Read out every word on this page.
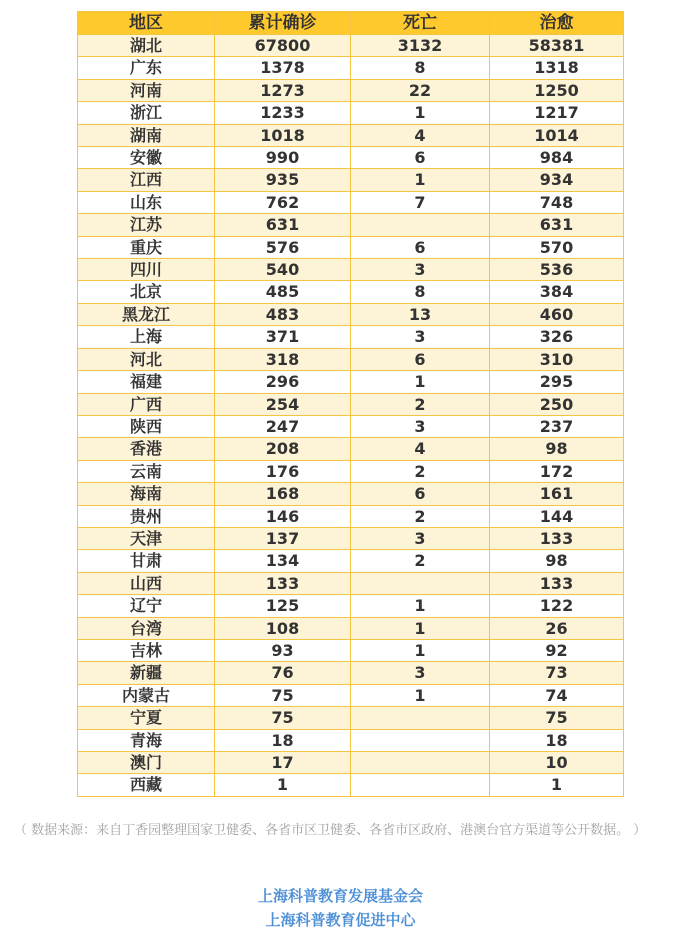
地区	累计确诊	死亡	治愈
湖北	67800	3132	58381
广东	1378	8	1318
河南	1273	22	1250
浙江	1233	1	1217
湖南	1018	4	1014
安徽	990	6	984
江西	935	1	934
山东	762	7	748
江苏	631		631
重庆	576	6	570
四川	540	3	536
北京	485	8	384
黑龙江	483	13	460
上海	371	3	326
河北	318	6	310
福建	296	1	295
广西	254	2	250
陕西	247	3	237
香港	208	4	98
云南	176	2	172
海南	168	6	161
贵州	146	2	144
天津	137	3	133
甘肃	134	2	98
山西	133		133
辽宁	125	1	122
台湾	108	1	26
吉林	93	1	92
新疆	76	3	73
内蒙古	75	1	74
宁夏	75		75
青海	18		18
澳门	17		10
西藏	1		1
（ 数据来源：来自丁香园整理国家卫健委、各省市区卫健委、各省市区政府、港澳台官方渠道等公开数据。 ）
上海科普教育发展基金会
上海科普教育促进中心
